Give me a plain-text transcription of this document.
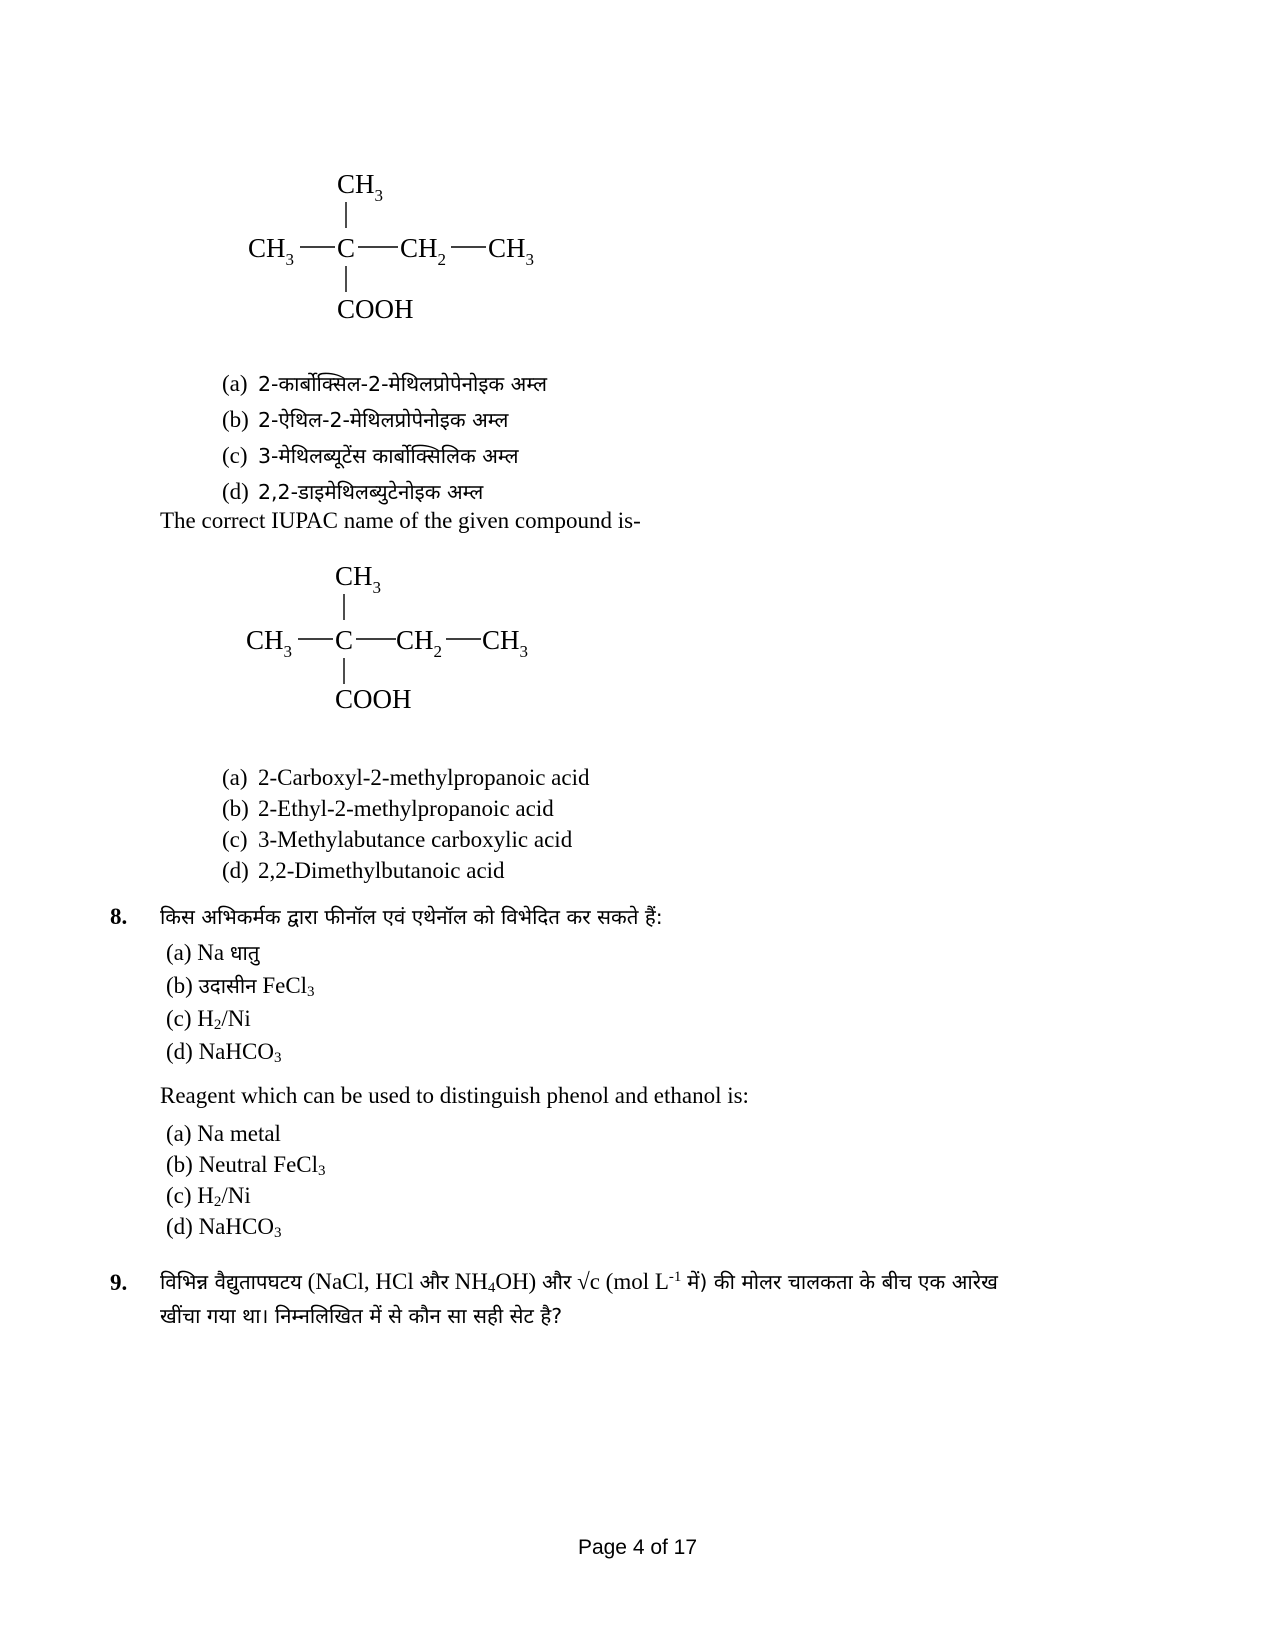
$CH_3$
$CH_3$ C $CH_2$ $CH_3$
COOH
(a) 2-कार्बोक्सिल-2-मेथिलप्रोपेनोइक अम्ल
(b) 2-ऐथिल-2-मेथिलप्रोपेनोइक अम्ल
(c) 3-मेथिलब्यूटेंस कार्बोक्सिलिक अम्ल
(d) 2,2-डाइमेथिलब्युटेनोइक अम्ल
The correct IUPAC name of the given compound is-
$CH_3$
$CH_3$ C $CH_2$ $CH_3$
COOH
(a) 2-Carboxyl-2-methylpropanoic acid
(b) 2-Ethyl-2-methylpropanoic acid
(c) 3-Methylabutance carboxylic acid
(d) 2,2-Dimethylbutanoic acid
8. किस अभिकर्मक द्वारा फीनॉल एवं एथेनॉल को विभेदित कर सकते हैं:
(a) Na धातु
(b) उदासीन FeCl$_3$
(c) $H_2/Ni$
(d) NaHCO$_3$
Reagent which can be used to distinguish phenol and ethanol is:
(a) Na metal
(b) Neutral FeCl$_3$
(c) $H_2/Ni$
(d) NaHCO$_3$
9. विभिन्न वैद्युतापघटय (NaCl, HCl और $NH_4OH$) और √c (mol $L^{-1}$ में) की मोलर चालकता के बीच एक आरेख
खींचा गया था। निम्नलिखित में से कौन सा सही सेट है?
Page 4 of 17
